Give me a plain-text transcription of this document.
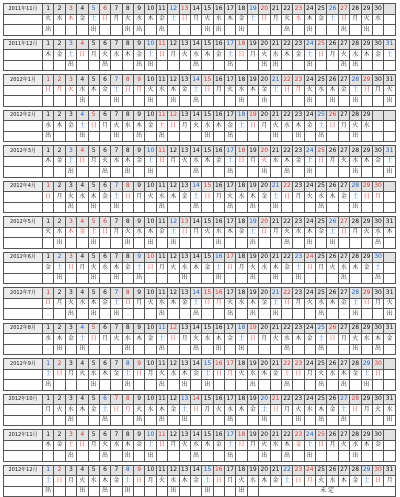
2011年11月	1	2	3	4	5	6	7	8	9	10	11	12	13	14	15	16	17	18	19	20	21	22	23	24	25	26	27	28	29	30	
	火	水	木	金	土	日	月	火	水	木	金	土	日	月	火	水	木	金	土	日	月	火	水	木	金	土	日	月	火	水	
	出				出			出	出		出				出	出		出				出		出			出		出		

2011年12月	1	2	3	4	5	6	7	8	9	10	11	12	13	14	15	16	17	18	19	20	21	22	23	24	25	26	27	28	29	30	31
	木	金	土	日	月	火	水	木	金	土	日	月	火	水	木	金	土	日	月	火	水	木	金	土	日	月	火	水	木	金	土
			出			出			出	出				出			出			出	出			出			出	出			

2012年1月	1	2	3	4	5	6	7	8	9	10	11	12	13	14	15	16	17	18	19	20	21	22	23	24	25	26	27	28	29	30	31
	日	月	火	水	木	金	土	日	月	火	水	木	金	土	日	月	火	水	木	金	土	日	月	火	水	木	金	土	日	月	火
				出			出			出		出		出				出		出				出		出		出			出

2012年2月	1	2	3	4	5	6	7	8	9	10	11	12	13	14	15	16	17	18	19	20	21	22	23	24	25	26	27	28	29		
	水	木	金	土	日	月	火	水	木	金	土	日	月	火	水	木	金	土	日	月	火	水	木	金	土	日	月	火	水		
	出			出			出		出		出				出		出				出		出		出			出			

2012年3月	1	2	3	4	5	6	7	8	9	10	11	12	13	14	15	16	17	18	19	20	21	22	23	24	25	26	27	28	29	30	31
	木	金	土	日	月	火	水	木	金	土	日	月	火	水	木	金	土	日	月	火	水	木	金	土	日	月	火	水	木	金	土
			出			出		出		出				出			出			出		出		出				出			出

2012年4月	1	2	3	4	5	6	7	8	9	10	11	12	13	14	15	16	17	18	19	20	21	22	23	24	25	26	27	28	29	30	
	日	月	火	水	木	金	土	日	月	火	水	木	金	土	日	月	火	水	木	金	土	日	月	火	水	木	金	土	日	月	
			出		出		出				出			出			出		出		出				出			出			

2012年5月	1	2	3	4	5	6	7	8	9	10	11	12	13	14	15	16	17	18	19	20	21	22	23	24	25	26	27	28	29	30	31
	火	水	木	金	土	日	月	火	水	木	金	土	日	月	火	水	木	金	土	日	月	火	水	木	金	土	日	月	火	水	木
		出			出			出		出		出				出			出			出		出		出				出	

2012年6月	1	2	3	4	5	6	7	8	9	10	11	12	13	14	15	16	17	18	19	20	21	22	23	24	25	26	27	28	29	30	
	金	土	日	月	火	水	木	金	土	日	月	火	水	木	金	土	日	月	火	水	木	金	土	日	月	火	水	木	金	土	
		出			出		出		出				出			出			出		出		出				出			出	

2012年7月	1	2	3	4	5	6	7	8	9	10	11	12	13	14	15	16	17	18	19	20	21	22	23	24	25	26	27	28	29	30	31
	日	月	火	水	木	金	土	日	月	火	水	木	金	土	日	月	火	水	木	金	土	日	月	火	水	木	金	土	日	月	火
			出		出		出				出			出			出		出		出				出			出			出

2012年8月	1	2	3	4	5	6	7	8	9	10	11	12	13	14	15	16	17	18	19	20	21	22	23	24	25	26	27	28	29	30	31
	水	木	金	土	日	月	火	水	木	金	土	日	月	火	水	木	金	土	日	月	火	水	木	金	土	日	月	火	水	木	金
		出		出				出			出			出		出		出				出			出			出		出	

2012年9月	1	2	3	4	5	6	7	8	9	10	11	12	13	14	15	16	17	18	19	20	21	22	23	24	25	26	27	28	29	30	
	土	日	月	火	水	木	金	土	日	月	火	水	木	金	土	日	月	火	水	木	金	土	日	月	火	水	木	金	土	日	
	出				出			出			出		出		出				出			出			出		出		出		

2012年10月	1	2	3	4	5	6	7	8	9	10	11	12	13	14	15	16	17	18	19	20	21	22	23	24	25	26	27	28	29	30	31
	月	火	水	木	金	土	日	月	火	水	木	金	土	日	月	火	水	木	金	土	日	月	火	水	木	金	土	日	月	火	水
			出			出			出		出		出				出			出			出		出		出				出

2012年11月	1	2	3	4	5	6	7	8	9	10	11	12	13	14	15	16	17	18	19	20	21	22	23	24	25	26	27	28	29	30	
	木	金	土	日	月	火	水	木	金	土	日	月	火	水	木	金	土	日	月	火	水	木	金	土	日	月	火	水	木	金	
			出			出		出		出				出			出			出		出		出				出			

2012年12月	1	2	3	4	5	6	7	8	9	10	11	12	13	14	15	16	17	18	19	20	21	22	23	24	25	26	27	28	29	30	31
	土	日	月	火	水	木	金	土	日	月	火	水	木	金	土	日	月	火	水	木	金	土	日	月	火	水	木	金	土	日	月
	出			出		出		出				出			出			出		未 定											
